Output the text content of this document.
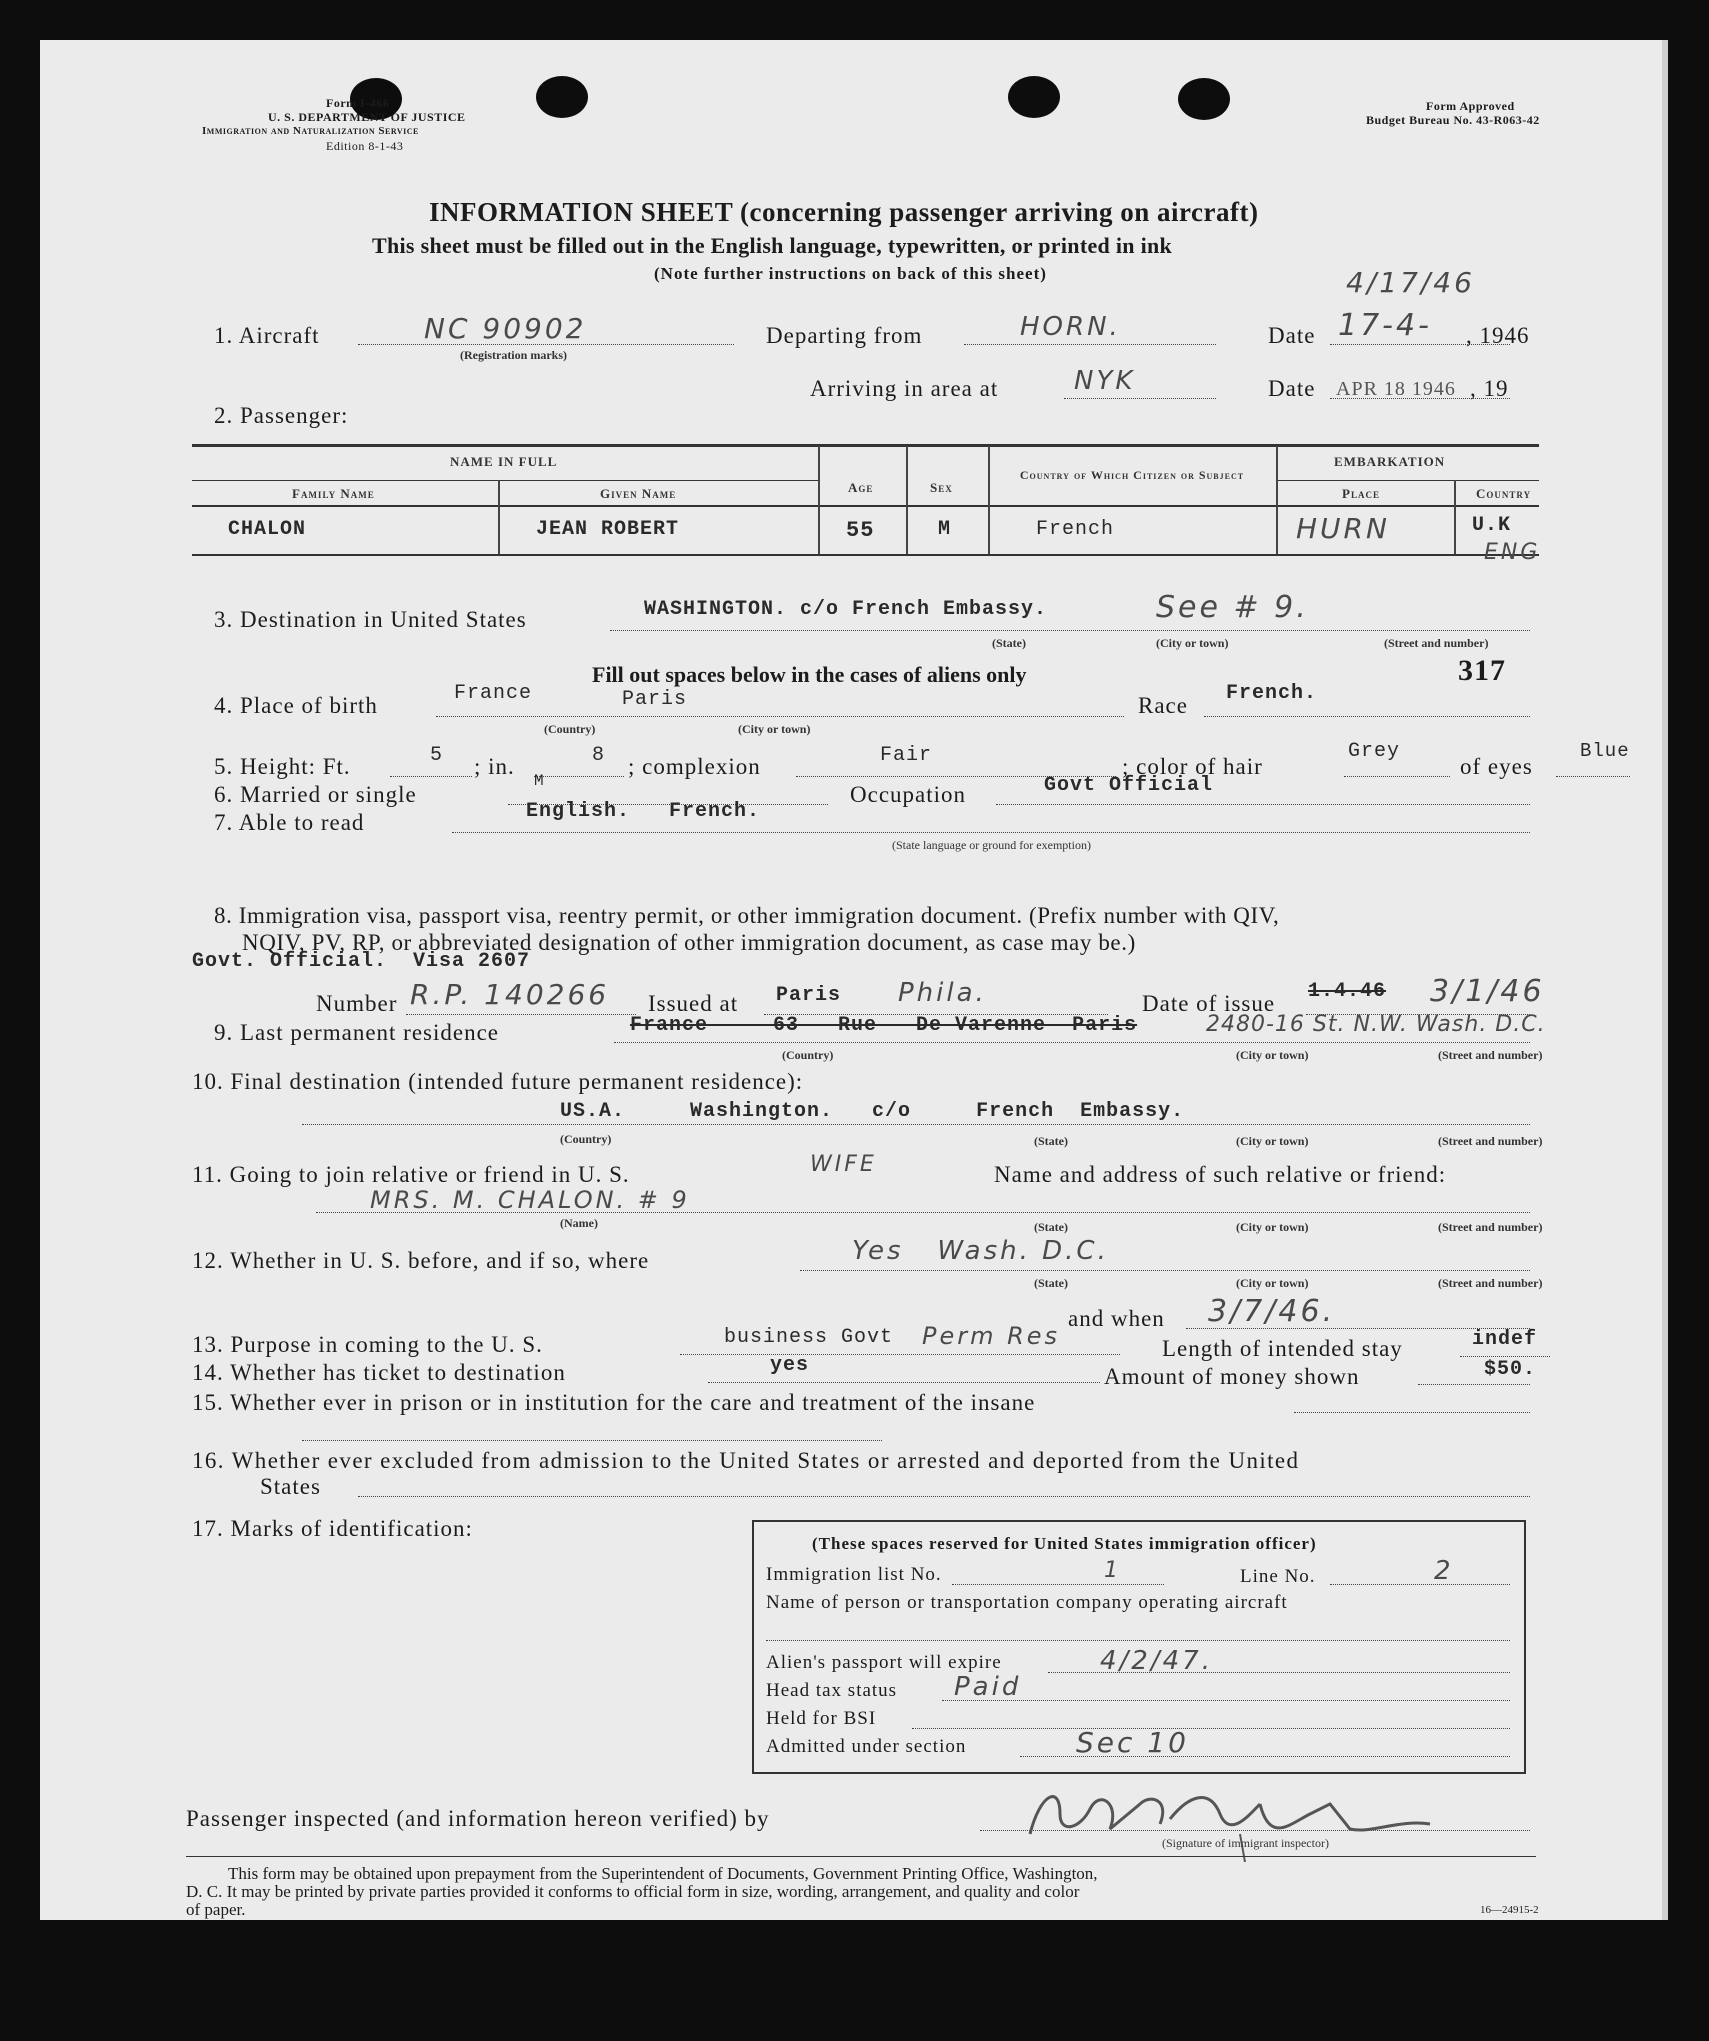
Form I-466
U. S. DEPARTMENT OF JUSTICE
Immigration and Naturalization Service
Edition 8-1-43
Form Approved
Budget Bureau No. 43-R063-42
INFORMATION SHEET (concerning passenger arriving on aircraft)
This sheet must be filled out in the English language, typewritten, or printed in ink
(Note further instructions on back of this sheet)	4/17/46
1. Aircraft	NC 90902
(Registration marks)
Departing from	HORN.	Date 17-4- , 1946
Arriving in area at	NYK	Date APR 18 1946 , 19
2. Passenger:
NAME IN FULL
Family Name	Given Name	Age	Sex
Country of Which Citizen or Subject
EMBARKATION
Place	Country
CHALON	JEAN ROBERT	55	M	French	HURN	U.K
ENG
3. Destination in United States	WASHINGTON. c/o French Embassy.	See # 9.
(State)	(City or town)	(Street and number)
Fill out spaces below in the cases of aliens only	317
4. Place of birth	France	Paris
(Country)	(City or town)
Race French.
5. Height: Ft.	5 ; in.	8 ; complexion	Fair	; color of hair
Grey
of eyes
Blue
6. Married or single
M
Occupation	Govt Official
7. Able to read	English.   French.
(State language or ground for exemption)
8. Immigration visa, passport visa, reentry permit, or other immigration document. (Prefix number with QIV,
NQIV, PV, RP, or abbreviated designation of other immigration document, as case may be.)
Govt. Official.  Visa 2607
Number R.P. 140266 Issued at Paris Phila.	Date of issue 1.4.46 3/1/46
9. Last permanent residence	France     63   Rue   De Varenne  Paris	2480-16 St. N.W. Wash. D.C.
(Country)	(City or town)	(Street and number)
10. Final destination (intended future permanent residence):
US.A.     Washington.   c/o     French  Embassy.
(Country)	(State)	(City or town)	(Street and number)
11. Going to join relative or friend in U. S.	WIFE	Name and address of such relative or friend:
MRS. M. CHALON. # 9
(Name)	(State)	(City or town)	(Street and number)
12. Whether in U. S. before, and if so, where	Yes   Wash. D.C.
(State)	(City or town)	(Street and number)
and when 3/7/46.
13. Purpose in coming to the U. S.	business Govt Perm Res	Length of intended stay	indef
14. Whether has ticket to destination	yes	Amount of money shown	$50.
15. Whether ever in prison or in institution for the care and treatment of the insane
16. Whether ever excluded from admission to the United States or arrested and deported from the United
States
17. Marks of identification:
(These spaces reserved for United States immigration officer)
Immigration list No.	1	Line No.	2
Name of person or transportation company operating aircraft
Alien's passport will expire	4/2/47.
Head tax status Paid
Held for BSI
Admitted under section	Sec 10
Passenger inspected (and information hereon verified) by
(Signature of immigrant inspector)
This form may be obtained upon prepayment from the Superintendent of Documents, Government Printing Office, Washington,
D. C. It may be printed by private parties provided it conforms to official form in size, wording, arrangement, and quality and color
of paper.	16—24915-2
